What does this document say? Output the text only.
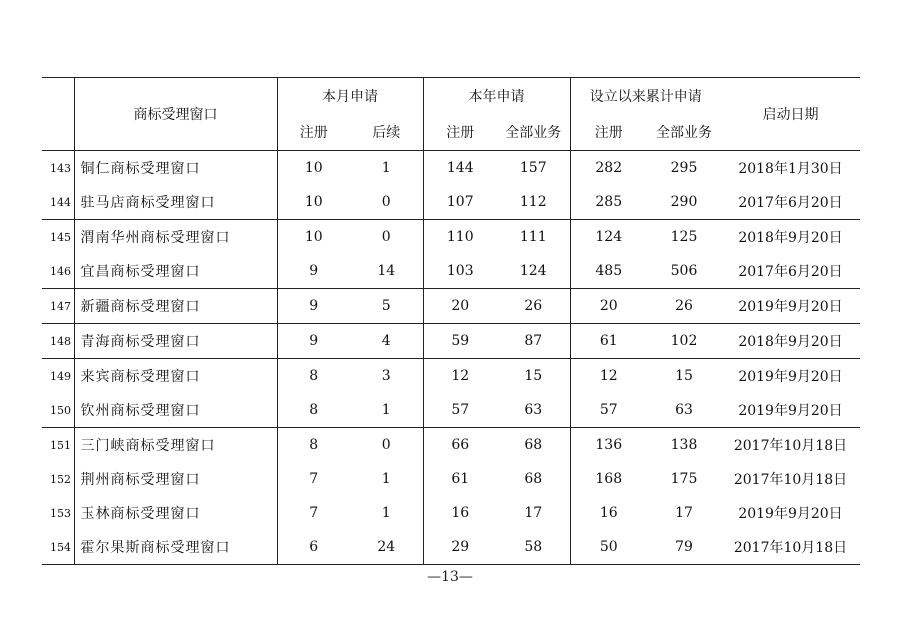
	商标受理窗口	本月申请		本年申请		设立以来累计申请		启动日期
		注册	后续	注册	全部业务	注册	全部业务	
143	铜仁商标受理窗口	10	1	144	157	282	295	2018年1月30日
144	驻马店商标受理窗口	10	0	107	112	285	290	2017年6月20日
145	渭南华州商标受理窗口	10	0	110	111	124	125	2018年9月20日
146	宜昌商标受理窗口	9	14	103	124	485	506	2017年6月20日
147	新疆商标受理窗口	9	5	20	26	20	26	2019年9月20日
148	青海商标受理窗口	9	4	59	87	61	102	2018年9月20日
149	来宾商标受理窗口	8	3	12	15	12	15	2019年9月20日
150	钦州商标受理窗口	8	1	57	63	57	63	2019年9月20日
151	三门峡商标受理窗口	8	0	66	68	136	138	2017年10月18日
152	荆州商标受理窗口	7	1	61	68	168	175	2017年10月18日
153	玉林商标受理窗口	7	1	16	17	16	17	2019年9月20日
154	霍尔果斯商标受理窗口	6	24	29	58	50	79	2017年10月18日
—13—
